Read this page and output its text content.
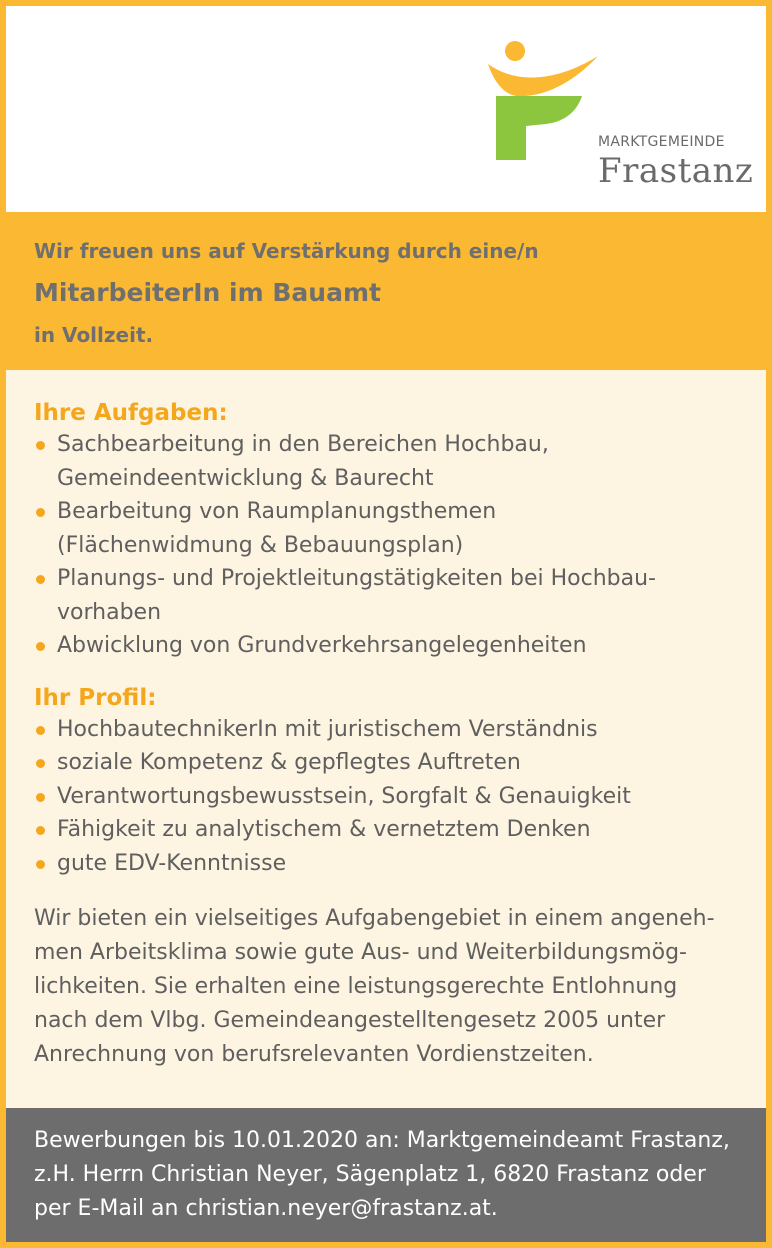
MARKTGEMEINDE
Frastanz
Wir freuen uns auf Verstärkung durch eine/n
MitarbeiterIn im Bauamt
in Vollzeit.
Ihre Aufgaben:
Sachbearbeitung in den Bereichen Hochbau,
Gemeindeentwicklung & Baurecht
Bearbeitung von Raumplanungsthemen
(Flächenwidmung & Bebauungsplan)
Planungs- und Projektleitungstätigkeiten bei Hochbau-
vorhaben
Abwicklung von Grundverkehrsangelegenheiten
Ihr Profil:
HochbautechnikerIn mit juristischem Verständnis
soziale Kompetenz & gepflegtes Auftreten
Verantwortungsbewusstsein, Sorgfalt & Genauigkeit
Fähigkeit zu analytischem & vernetztem Denken
gute EDV-Kenntnisse
Wir bieten ein vielseitiges Aufgabengebiet in einem angeneh-
men Arbeitsklima sowie gute Aus- und Weiterbildungsmög-
lichkeiten. Sie erhalten eine leistungsgerechte Entlohnung
nach dem Vlbg. Gemeindeangestelltengesetz 2005 unter
Anrechnung von berufsrelevanten Vordienstzeiten.
Bewerbungen bis 10.01.2020 an: Marktgemeindeamt Frastanz,
z.H. Herrn Christian Neyer, Sägenplatz 1, 6820 Frastanz oder
per E-Mail an christian.neyer@frastanz.at.
